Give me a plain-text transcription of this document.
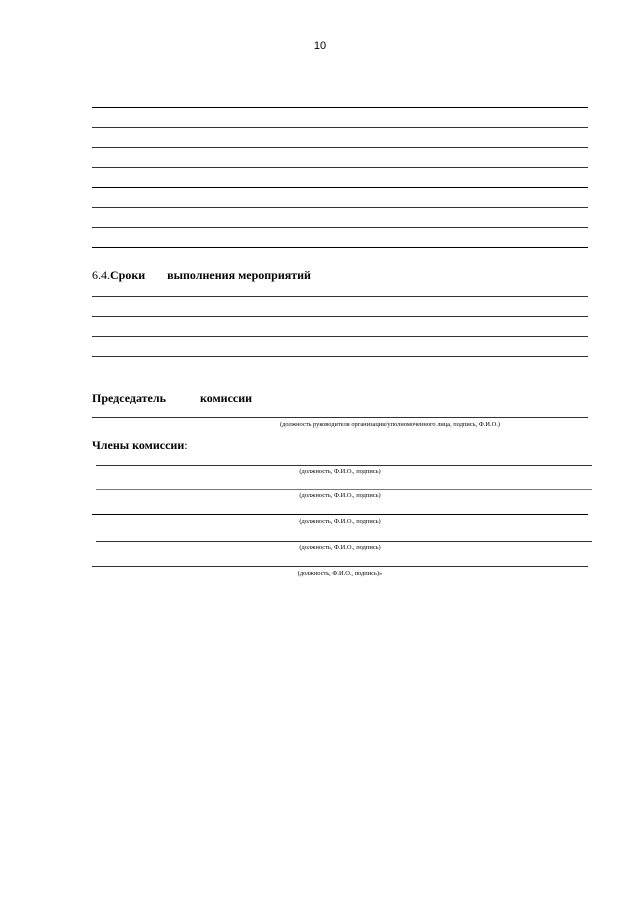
10
6.4.Сроки выполнения мероприятий
Председатель	комиссии
(должность руководителя организации/уполномоченного лица, подпись, Ф.И.О.)
Члены комиссии:
(должность, Ф.И.О., подпись)
(должность, Ф.И.О., подпись)
(должность, Ф.И.О., подпись)
(должность, Ф.И.О., подпись)
(должность, Ф.И.О., подпись)»
